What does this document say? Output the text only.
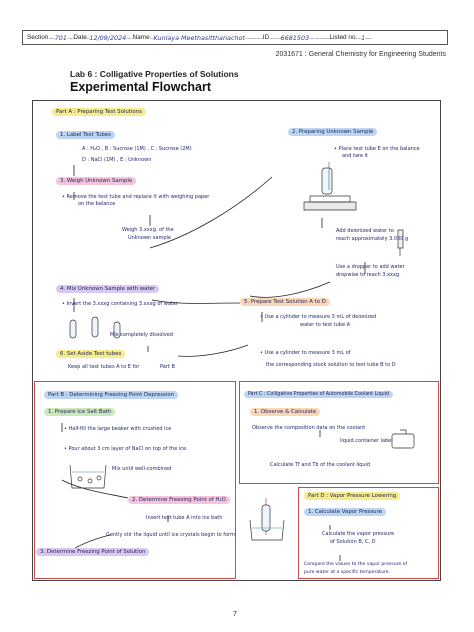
Section ..... 701 ..... Date .. 12/09/2024 ..... Name ... Kunlaya Meethasitthanachot .............. ID ......... 6681503 ................ Listed no. ... 1 .....
2031671 : General Chemistry for Engineering Students
Lab 6 : Colligative Properties of Solutions
Experimental Flowchart
Part A : Preparing Test Solutions
1. Label Test Tubes
A : H₂O , B : Sucrose (1M) , C : Sucrose (2M)
D : NaCl (1M) , E : Unknown
2. Preparing Unknown Sample
• Place test tube E on the balance
and tare it
3. Weigh Unknown Sample
• Remove the test tube and replace it with weighing paper
on the balance
Weigh 3.xxxg. of the
Unknown sample
Add deionized water to
reach approximately 3.000 g
Use a dropper to add water
dropwise to reach 3.xxxg
4. Mix Unknown Sample with water
• Invert the 3.xxxg containing 3.xxxg of water
Mix completely dissolved
5. Prepare Test Solution A to D
• Use a cylinder to measure 3 mL of deionized
water to test tube A
• Use a cylinder to measure 3 mL of
the corresponding stock solution to test tube B to D
6. Set Aside Test tubes
Keep all test tubes A to E for	Part B
Part B : Determining Freezing Point Depression
1. Prepare Ice Salt Bath
• Half-fill the large beaker with crushed ice
• Pour about 3 cm layer of NaCl on top of the ice.
Mix until well-combined
2. Determine Freezing Point of H₂O
Insert test tube A into ice bath
Gently stir the liquid until ice crystals begin to form
3. Determine Freezing Point of Solution
Part C : Colligative Properties of Automobile Coolant Liquid
1. Observe & Calculate
Observe the composition data on the coolant
liquid container label
Calculate Tf and Tb of the coolant liquid
Part D : Vapor Pressure Lowering
1. Calculate Vapor Pressure
Calculate the vapor pressure
of Solution B, C, D
Compare the values to the vapor pressure of
pure water at a specific temperature.
7
